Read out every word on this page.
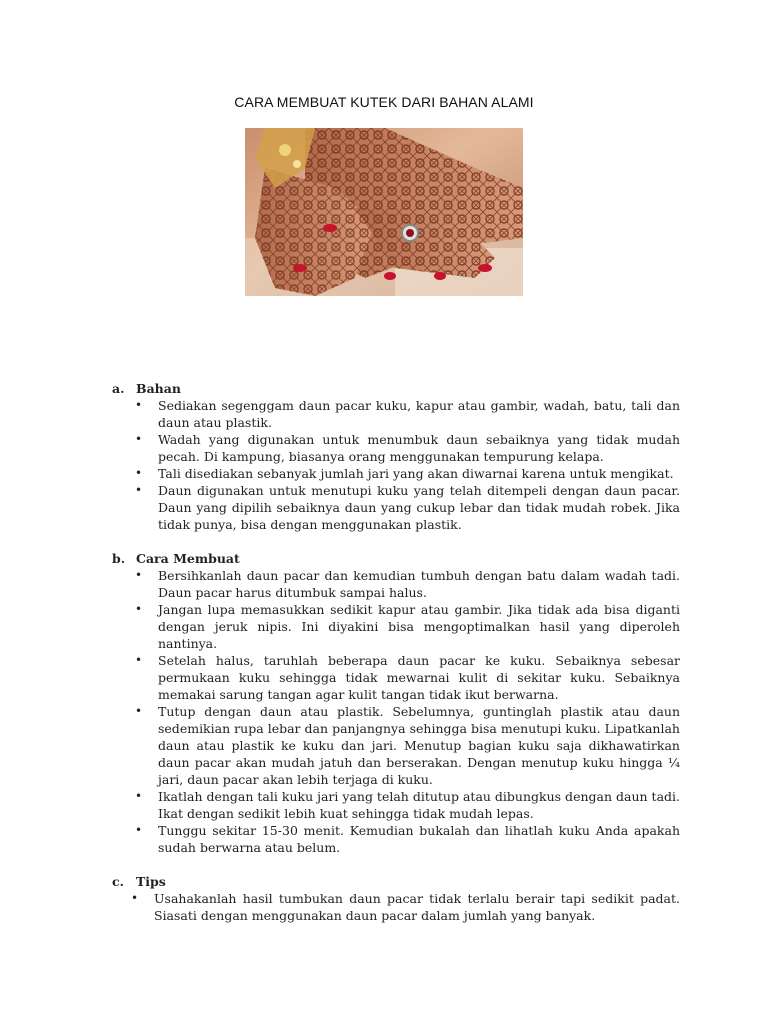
CARA MEMBUAT KUTEK DARI BAHAN ALAMI
a. Bahan
• Sediakan segenggam daun pacar kuku, kapur atau gambir, wadah, batu, tali dan daun atau plastik.
• Wadah yang digunakan untuk menumbuk daun sebaiknya yang tidak mudah pecah. Di kampung, biasanya orang menggunakan tempurung kelapa.
• Tali disediakan sebanyak jumlah jari yang akan diwarnai karena untuk mengikat.
• Daun digunakan untuk menutupi kuku yang telah ditempeli dengan daun pacar. Daun yang dipilih sebaiknya daun yang cukup lebar dan tidak mudah robek. Jika tidak punya, bisa dengan menggunakan plastik.
b. Cara Membuat
• Bersihkanlah daun pacar dan kemudian tumbuh dengan batu dalam wadah tadi. Daun pacar harus ditumbuk sampai halus.
• Jangan lupa memasukkan sedikit kapur atau gambir. Jika tidak ada bisa diganti dengan jeruk nipis. Ini diyakini bisa mengoptimalkan hasil yang diperoleh nantinya.
• Setelah halus, taruhlah beberapa daun pacar ke kuku. Sebaiknya sebesar permukaan kuku sehingga tidak mewarnai kulit di sekitar kuku. Sebaiknya memakai sarung tangan agar kulit tangan tidak ikut berwarna.
• Tutup dengan daun atau plastik. Sebelumnya, guntinglah plastik atau daun sedemikian rupa lebar dan panjangnya sehingga bisa menutupi kuku. Lipatkanlah daun atau plastik ke kuku dan jari. Menutup bagian kuku saja dikhawatirkan daun pacar akan mudah jatuh dan berserakan. Dengan menutup kuku hingga ¼ jari, daun pacar akan lebih terjaga di kuku.
• Ikatlah dengan tali kuku jari yang telah ditutup atau dibungkus dengan daun tadi. Ikat dengan sedikit lebih kuat sehingga tidak mudah lepas.
• Tunggu sekitar 15-30 menit. Kemudian bukalah dan lihatlah kuku Anda apakah sudah berwarna atau belum.
c. Tips
• Usahakanlah hasil tumbukan daun pacar tidak terlalu berair tapi sedikit padat. Siasati dengan menggunakan daun pacar dalam jumlah yang banyak.
